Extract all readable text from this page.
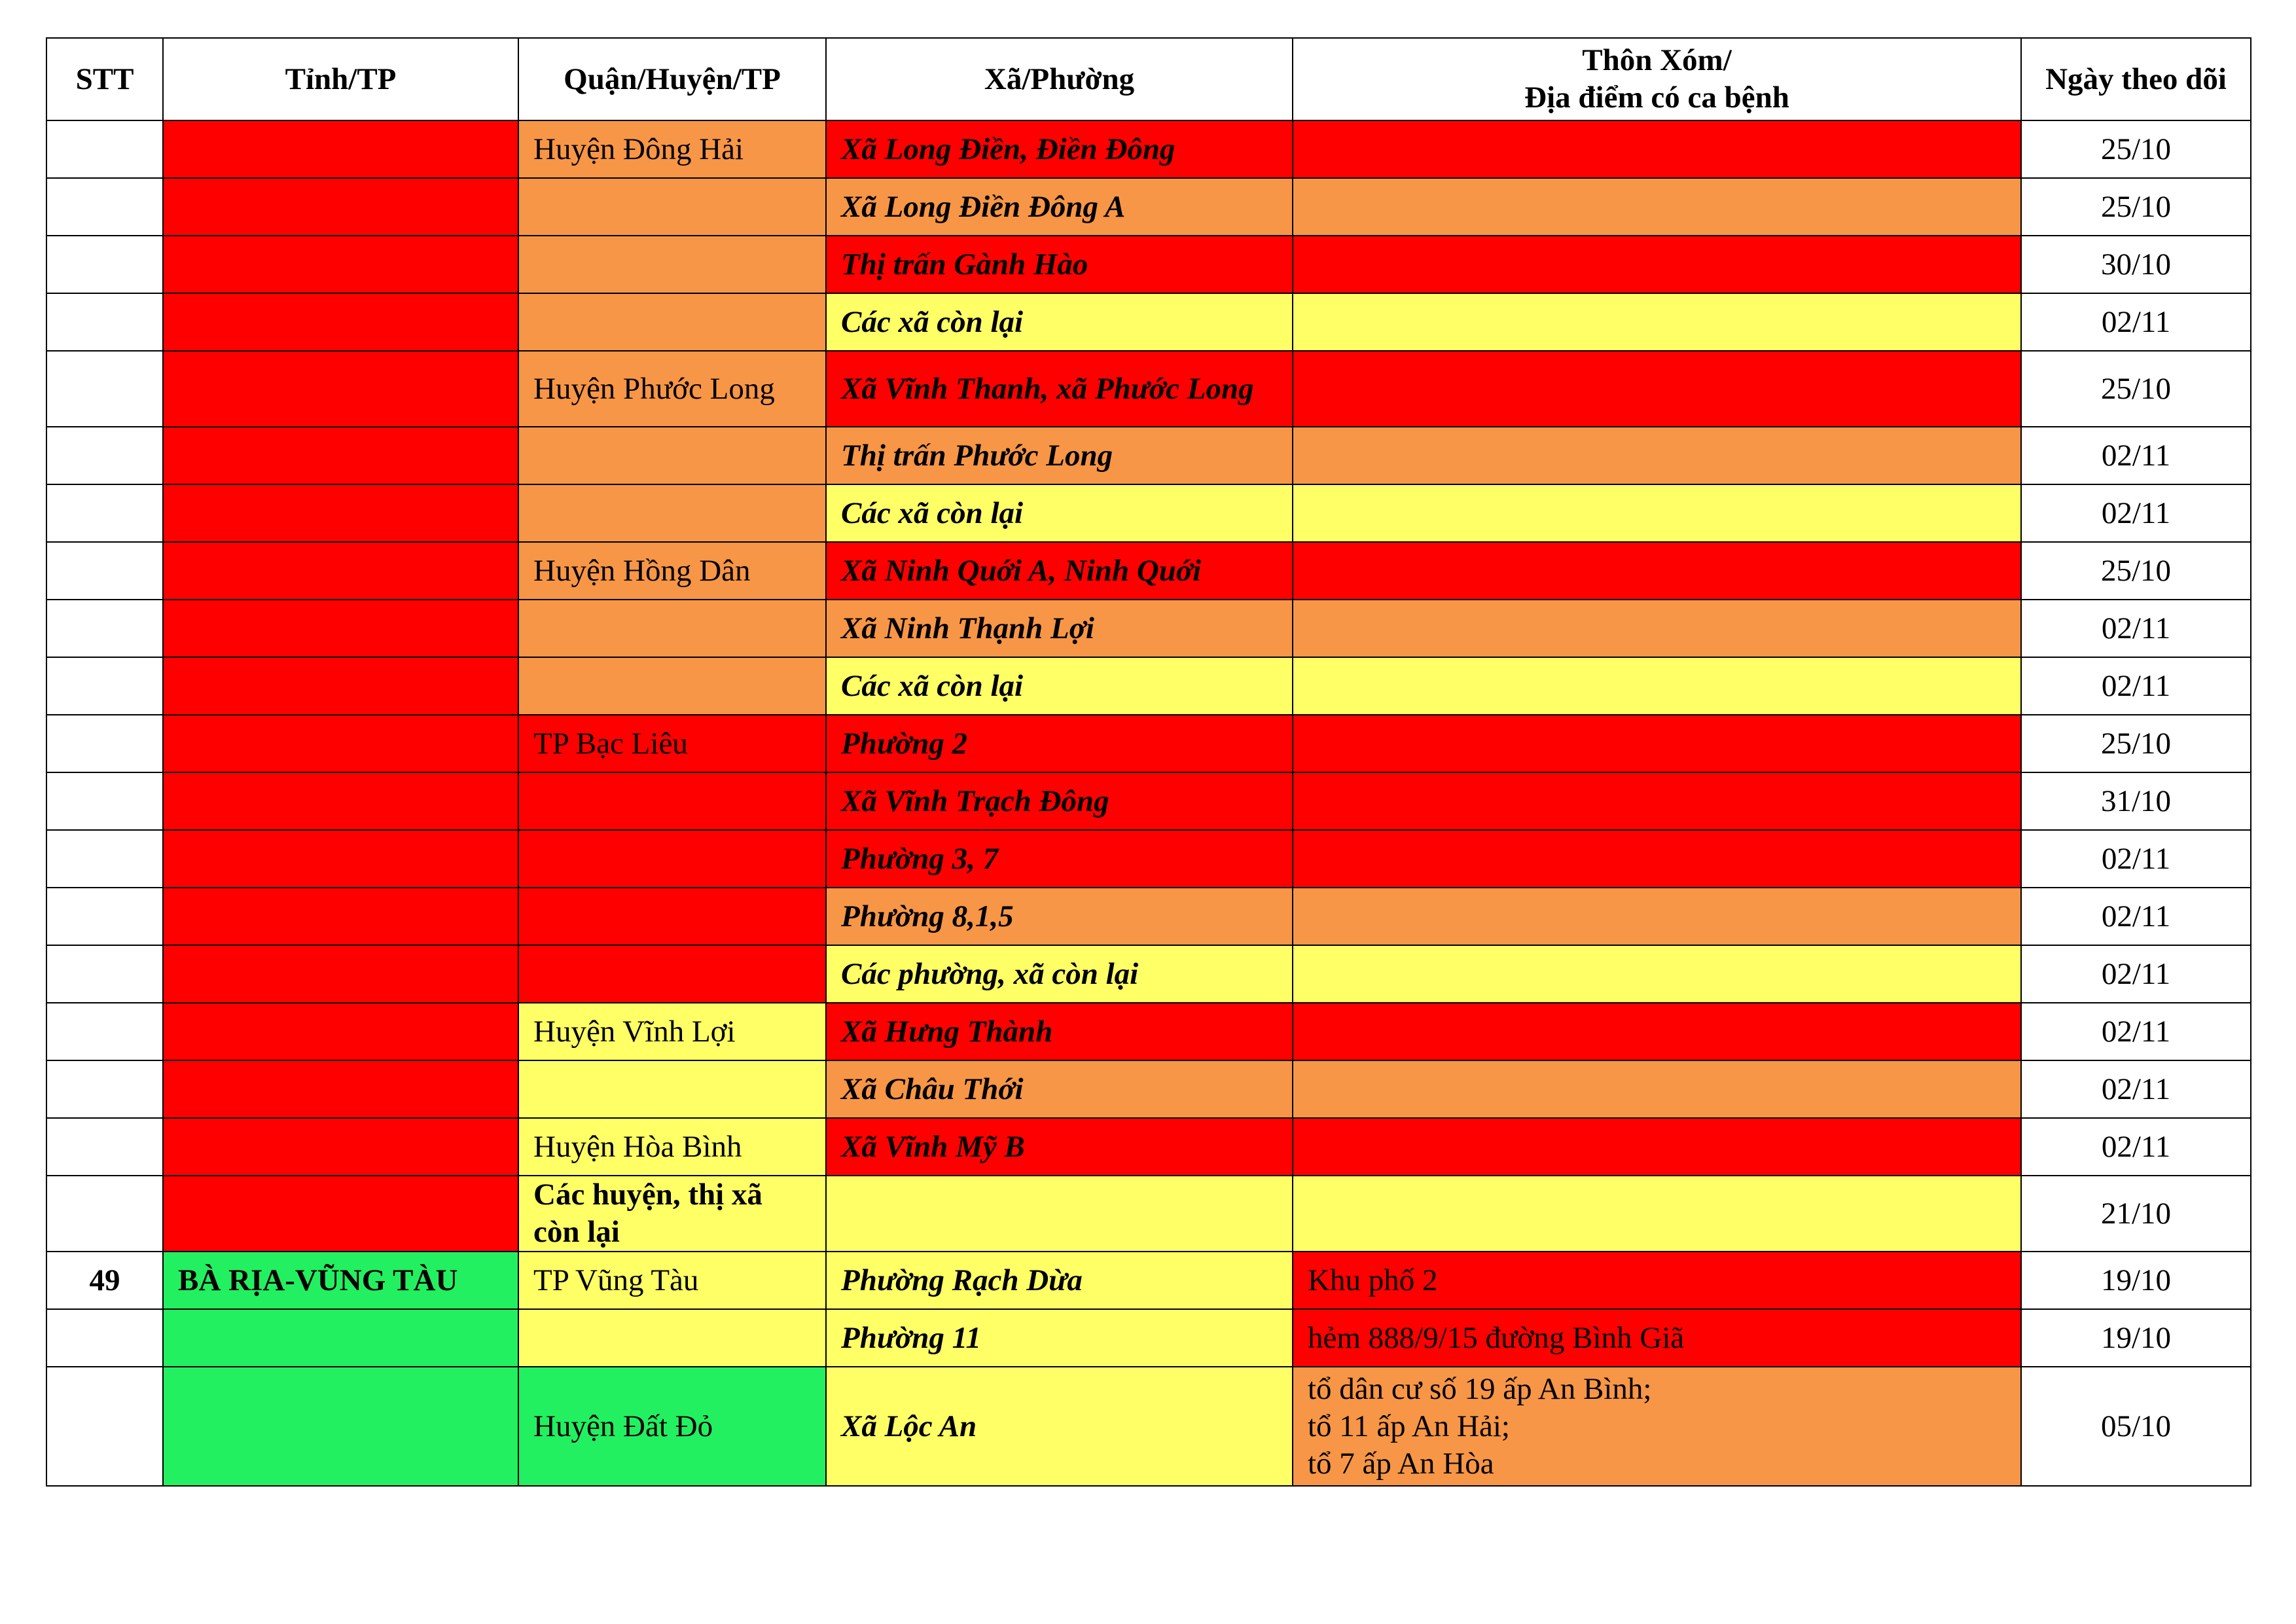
STT	Tỉnh/TP	Quận/Huyện/TP	Xã/Phường	Thôn Xóm/
Địa điểm có ca bệnh	Ngày theo dõi
		Huyện Đông Hải	Xã Long Điền, Điền Đông		25/10
			Xã Long Điền Đông A		25/10
			Thị trấn Gành Hào		30/10
			Các xã còn lại		02/11
		Huyện Phước Long	Xã Vĩnh Thanh, xã Phước Long		25/10
			Thị trấn Phước Long		02/11
			Các xã còn lại		02/11
		Huyện Hồng Dân	Xã Ninh Quới A, Ninh Quới		25/10
			Xã Ninh Thạnh Lợi		02/11
			Các xã còn lại		02/11
		TP Bạc Liêu	Phường 2		25/10
			Xã Vĩnh Trạch Đông		31/10
			Phường 3, 7		02/11
			Phường 8,1,5		02/11
			Các phường, xã còn lại		02/11
		Huyện Vĩnh Lợi	Xã Hưng Thành		02/11
			Xã Châu Thới		02/11
		Huyện Hòa Bình	Xã Vĩnh Mỹ B		02/11
		Các huyện, thị xã còn lại			21/10
49	BÀ RỊA-VŨNG TÀU	TP Vũng Tàu	Phường Rạch Dừa	Khu phố 2	19/10
			Phường 11	hẻm 888/9/15 đường Bình Giã	19/10
		Huyện Đất Đỏ	Xã Lộc An	tổ dân cư số 19 ấp An Bình;
tổ 11 ấp An Hải;
tổ 7 ấp An Hòa	05/10
